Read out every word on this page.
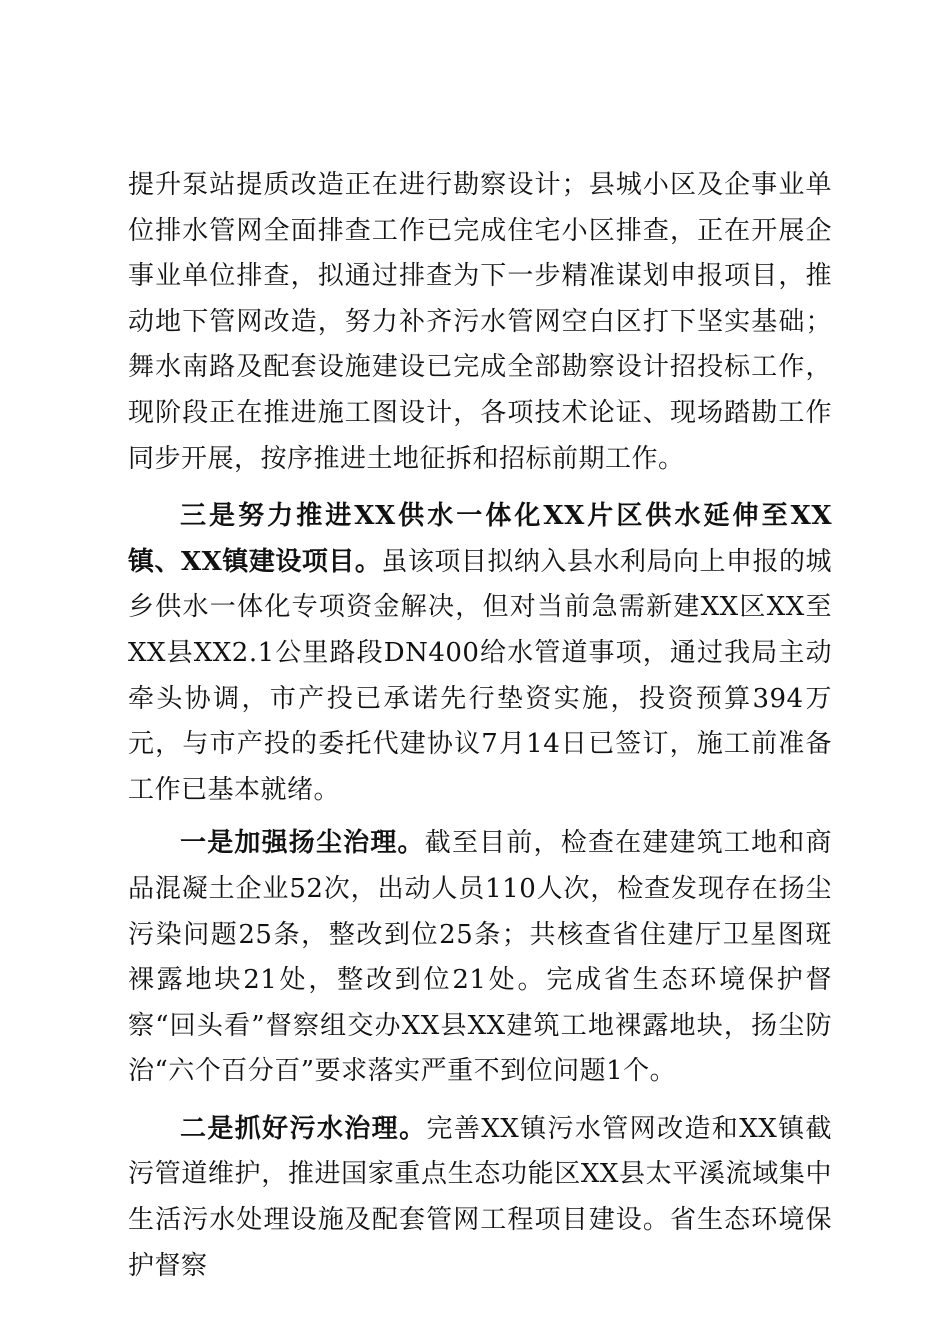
提升泵站提质改造正在进行勘察设计；县城小区及企事业单位排水管网全面排查工作已完成住宅小区排查，正在开展企事业单位排查，拟通过排查为下一步精准谋划申报项目，推动地下管网改造，努力补齐污水管网空白区打下坚实基础；舞水南路及配套设施建设已完成全部勘察设计招投标工作，现阶段正在推进施工图设计，各项技术论证、现场踏勘工作同步开展，按序推进土地征拆和招标前期工作。

三是努力推进XX供水一体化XX片区供水延伸至XX镇、XX镇建设项目。虽该项目拟纳入县水利局向上申报的城乡供水一体化专项资金解决，但对当前急需新建XX区XX至XX县XX2.1公里路段DN400给水管道事项，通过我局主动牵头协调，市产投已承诺先行垫资实施，投资预算394万元，与市产投的委托代建协议7月14日已签订，施工前准备工作已基本就绪。

一是加强扬尘治理。截至目前，检查在建建筑工地和商品混凝土企业52次，出动人员110人次，检查发现存在扬尘污染问题25条，整改到位25条；共核查省住建厅卫星图斑裸露地块21处，整改到位21处。完成省生态环境保护督察“回头看”督察组交办XX县XX建筑工地裸露地块，扬尘防治“六个百分百”要求落实严重不到位问题1个。

二是抓好污水治理。完善XX镇污水管网改造和XX镇截污管道维护，推进国家重点生态功能区XX县太平溪流域集中生活污水处理设施及配套管网工程项目建设。省生态环境保护督察
